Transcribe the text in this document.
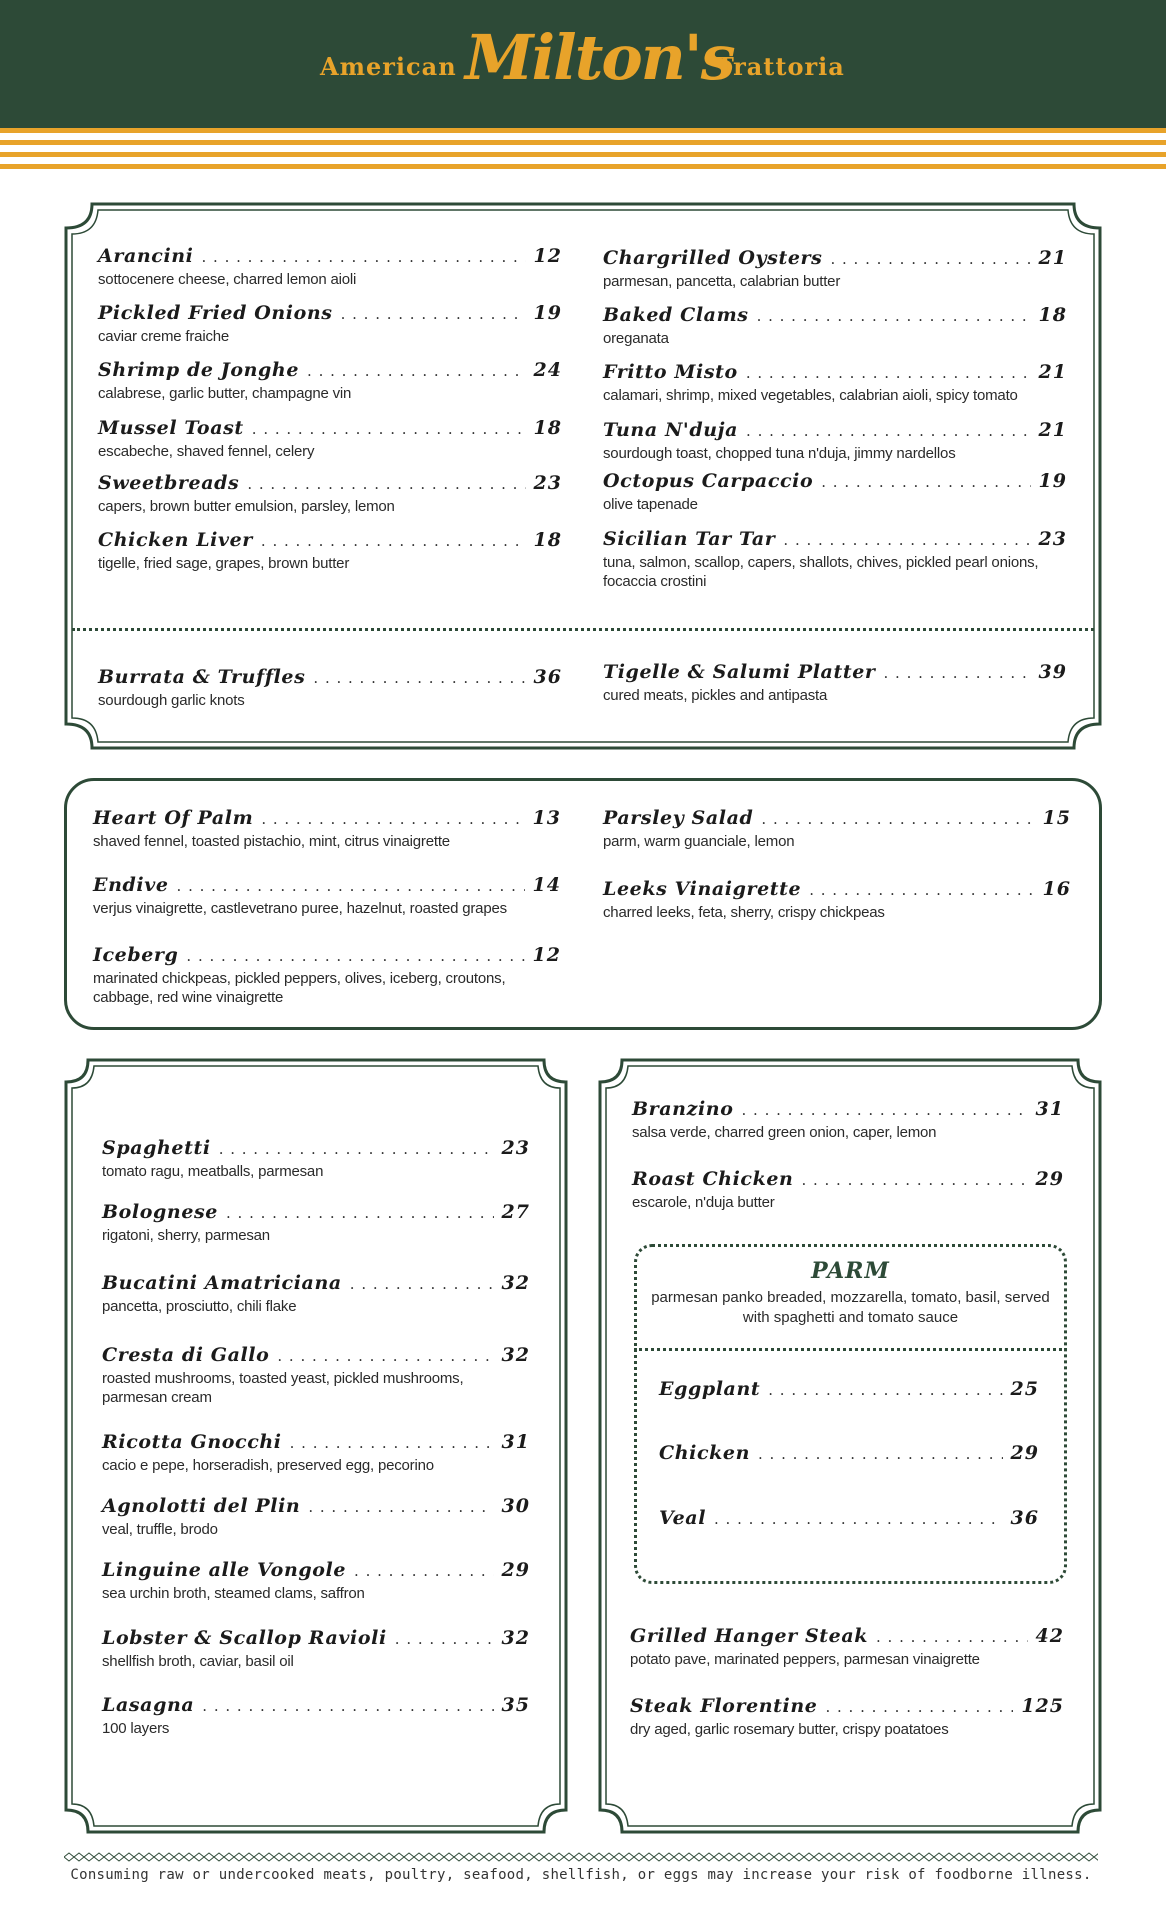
American Milton's
Trattoria
Arancini . . .	12
sottocenere cheese, charred lemon aioli
Pickled Fried Onions . . .	19
caviar creme fraiche
Shrimp de Jonghe . . .	24
calabrese, garlic butter, champagne vin
Mussel Toast . . .	18
escabeche, shaved fennel, celery
Sweetbreads . . .	23
capers, brown butter emulsion, parsley, lemon
Chicken Liver . . .	18
tigelle, fried sage, grapes, brown butter
Chargrilled Oysters . . .	21
parmesan, pancetta, calabrian butter
Baked Clams . . .	18
oreganata
Fritto Misto . . .	21
calamari, shrimp, mixed vegetables, calabrian aioli, spicy tomato
Tuna N'duja . . .	21
sourdough toast, chopped tuna n'duja, jimmy nardellos
Octopus Carpaccio . . .	19
olive tapenade
Sicilian Tar Tar . . .	23
tuna, salmon, scallop, capers, shallots, chives, pickled pearl onions, focaccia crostini
Burrata & Truffles . . .	36
sourdough garlic knots
Tigelle & Salumi Platter . . .	39
cured meats, pickles and antipasta
Heart Of Palm . . .	13
shaved fennel, toasted pistachio, mint, citrus vinaigrette
Endive . . .	14
verjus vinaigrette, castlevetrano puree, hazelnut, roasted grapes
Iceberg . . .	12
marinated chickpeas, pickled peppers, olives, iceberg, croutons, cabbage, red wine vinaigrette
Parsley Salad . . .	15
parm, warm guanciale, lemon
Leeks Vinaigrette . . .	16
charred leeks, feta, sherry, crispy chickpeas
Spaghetti . . .	23
tomato ragu, meatballs, parmesan
Bolognese . . .	27
rigatoni, sherry, parmesan
Bucatini Amatriciana . . .	32
pancetta, prosciutto, chili flake
Cresta di Gallo . . .	32
roasted mushrooms, toasted yeast, pickled mushrooms, parmesan cream
Ricotta Gnocchi . . .	31
cacio e pepe, horseradish, preserved egg, pecorino
Agnolotti del Plin . . .	30
veal, truffle, brodo
Linguine alle Vongole . . .	29
sea urchin broth, steamed clams, saffron
Lobster & Scallop Ravioli . . .	32
shellfish broth, caviar, basil oil
Lasagna . . .	35
100 layers
Branzino . . .	31
salsa verde, charred green onion, caper, lemon
Roast Chicken . . .	29
escarole, n'duja butter
PARM
parmesan panko breaded, mozzarella, tomato, basil, served with spaghetti and tomato sauce
Eggplant . . .	25
Chicken . . .	29
Veal . . .	36
Grilled Hanger Steak . . .	42
potato pave, marinated peppers, parmesan vinaigrette
Steak Florentine . . .	125
dry aged, garlic rosemary butter, crispy poatatoes
Consuming raw or undercooked meats, poultry, seafood, shellfish, or eggs may increase your risk of foodborne illness.
